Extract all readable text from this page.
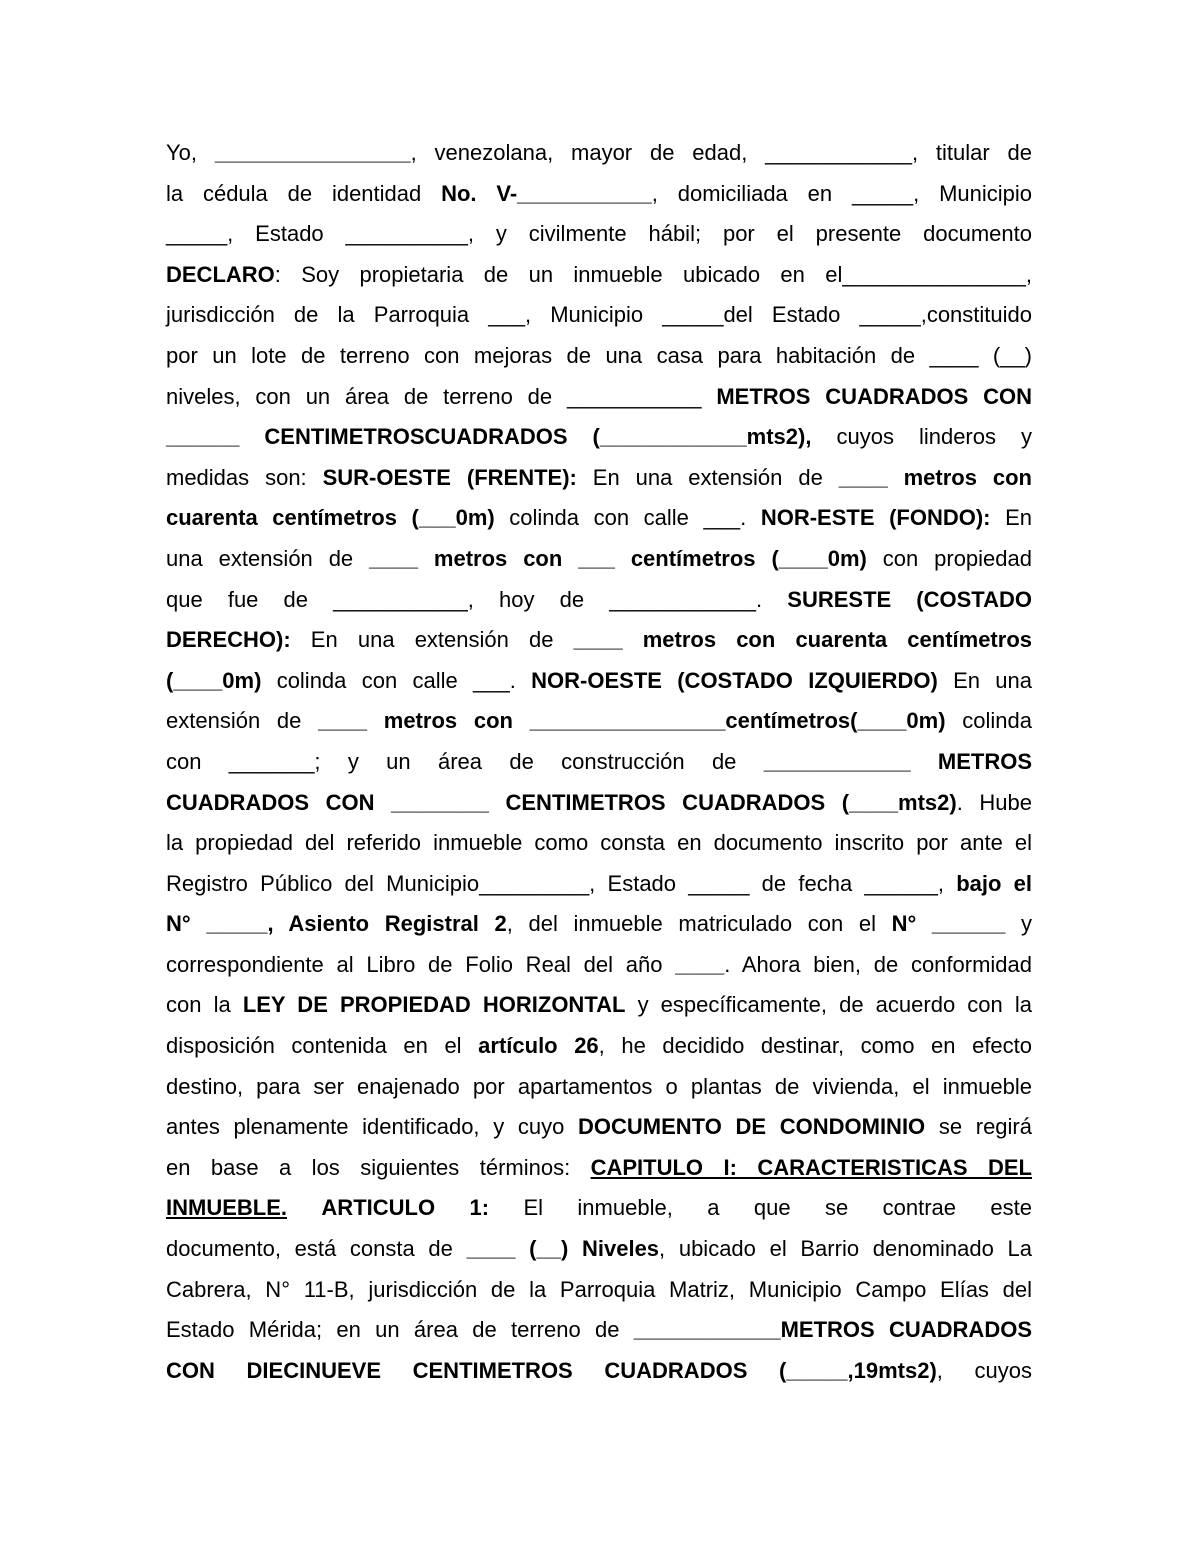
Yo, ________________, venezolana, mayor de edad, ____________, titular de
la cédula de identidad No. V-___________, domiciliada en _____, Municipio
_____, Estado __________, y civilmente hábil; por el presente documento
DECLARO: Soy propietaria de un inmueble ubicado en el_______________,
jurisdicción de la Parroquia ___, Municipio _____del Estado _____,constituido
por un lote de terreno con mejoras de una casa para habitación de ____ (__)
niveles, con un área de terreno de ___________ METROS CUADRADOS CON
______ CENTIMETROSCUADRADOS (____________mts2), cuyos linderos y
medidas son: SUR-OESTE (FRENTE): En una extensión de ____ metros con
cuarenta centímetros (___0m) colinda con calle ___. NOR-ESTE (FONDO): En
una extensión de ____ metros con ___ centímetros (____0m) con propiedad
que fue de ___________, hoy de ____________. SURESTE (COSTADO
DERECHO): En una extensión de ____ metros con cuarenta centímetros
(____0m) colinda con calle ___. NOR-OESTE (COSTADO IZQUIERDO) En una
extensión de ____ metros con ________________centímetros(____0m) colinda
con _______; y un área de construcción de ____________ METROS
CUADRADOS CON ________ CENTIMETROS CUADRADOS (____mts2). Hube
la propiedad del referido inmueble como consta en documento inscrito por ante el
Registro Público del Municipio_________, Estado _____ de fecha ______, bajo el
N° _____, Asiento Registral 2, del inmueble matriculado con el N° ______ y
correspondiente al Libro de Folio Real del año ____. Ahora bien, de conformidad
con la LEY DE PROPIEDAD HORIZONTAL y específicamente, de acuerdo con la
disposición contenida en el artículo 26, he decidido destinar, como en efecto
destino, para ser enajenado por apartamentos o plantas de vivienda, el inmueble
antes plenamente identificado, y cuyo DOCUMENTO DE CONDOMINIO se regirá
en base a los siguientes términos: CAPITULO I: CARACTERISTICAS DEL
INMUEBLE. ARTICULO 1: El inmueble, a que se contrae este
documento, está consta de ____ (__) Niveles, ubicado el Barrio denominado La
Cabrera, N° 11-B, jurisdicción de la Parroquia Matriz, Municipio Campo Elías del
Estado Mérida; en un área de terreno de ____________METROS CUADRADOS
CON DIECINUEVE CENTIMETROS CUADRADOS (_____,19mts2), cuyos
